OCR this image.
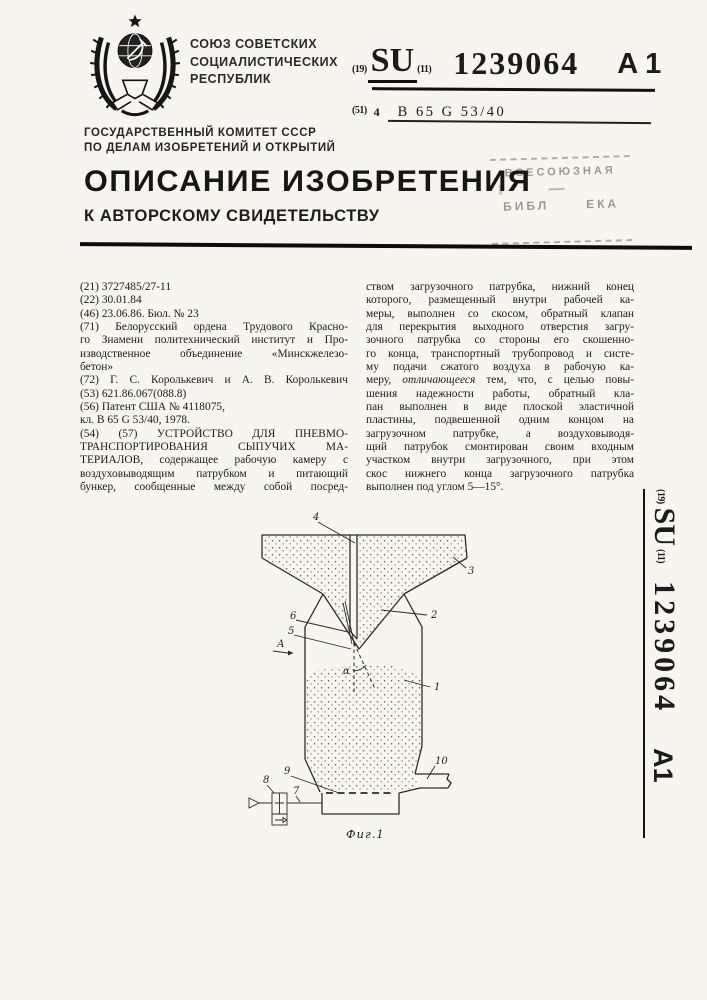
СОЮЗ СОВЕТСКИХ
СОЦИАЛИСТИЧЕСКИХ
РЕСПУБЛИК
(19) SU (11) 1239064 A 1
(51) 4 B 65 G 53/40
ГОСУДАРСТВЕННЫЙ КОМИТЕТ СССР
ПО ДЕЛАМ ИЗОБРЕТЕНИЙ И ОТКРЫТИЙ
ВСЕСОЮЗНАЯ
БИБЛ	ЕКА
ОПИСАНИЕ ИЗОБРЕТЕНИЯ
К АВТОРСКОМУ СВИДЕТЕЛЬСТВУ
(21) 3727485/27-11
(22) 30.01.84
(46) 23.06.86. Бюл. № 23
(71) Белорусский ордена Трудового Красно-
го Знамени политехнический институт и Про-
изводственное объединение «Минскжелезо-
бетон»
(72) Г. С. Королькевич и А. В. Королькевич
(53) 621.86.067(088.8)
(56) Патент США № 4118075,
кл. B 65 G 53/40, 1978.
(54) (57) УСТРОЙСТВО ДЛЯ ПНЕВМО-
ТРАНСПОРТИРОВАНИЯ СЫПУЧИХ МА-
ТЕРИАЛОВ, содержащее рабочую камеру с
воздуховыводящим патрубком и питающий
бункер, сообщенные между собой посред-
ством загрузочного патрубка, нижний конец
которого, размещенный внутри рабочей ка-
меры, выполнен со скосом, обратный клапан
для перекрытия выходного отверстия загру-
зочного патрубка со стороны его скошенно-
го конца, транспортный трубопровод и систе-
му подачи сжатого воздуха в рабочую ка-
меру, отличающееся тем, что, с целью повы-
шения надежности работы, обратный кла-
пан выполнен в виде плоской эластичной
пластины, подвешенной одним концом на
загрузочном патрубке, а воздуховыводя-
щий патрубок смонтирован своим входным
участком внутри загрузочного, при этом
скос нижнего конца загрузочного патрубка
выполнен под углом 5—15°.
4
3
2
6
5
А
α
1
10
9
8
7
Фиг.1
(19)
SU
(11)
1239064
A1
